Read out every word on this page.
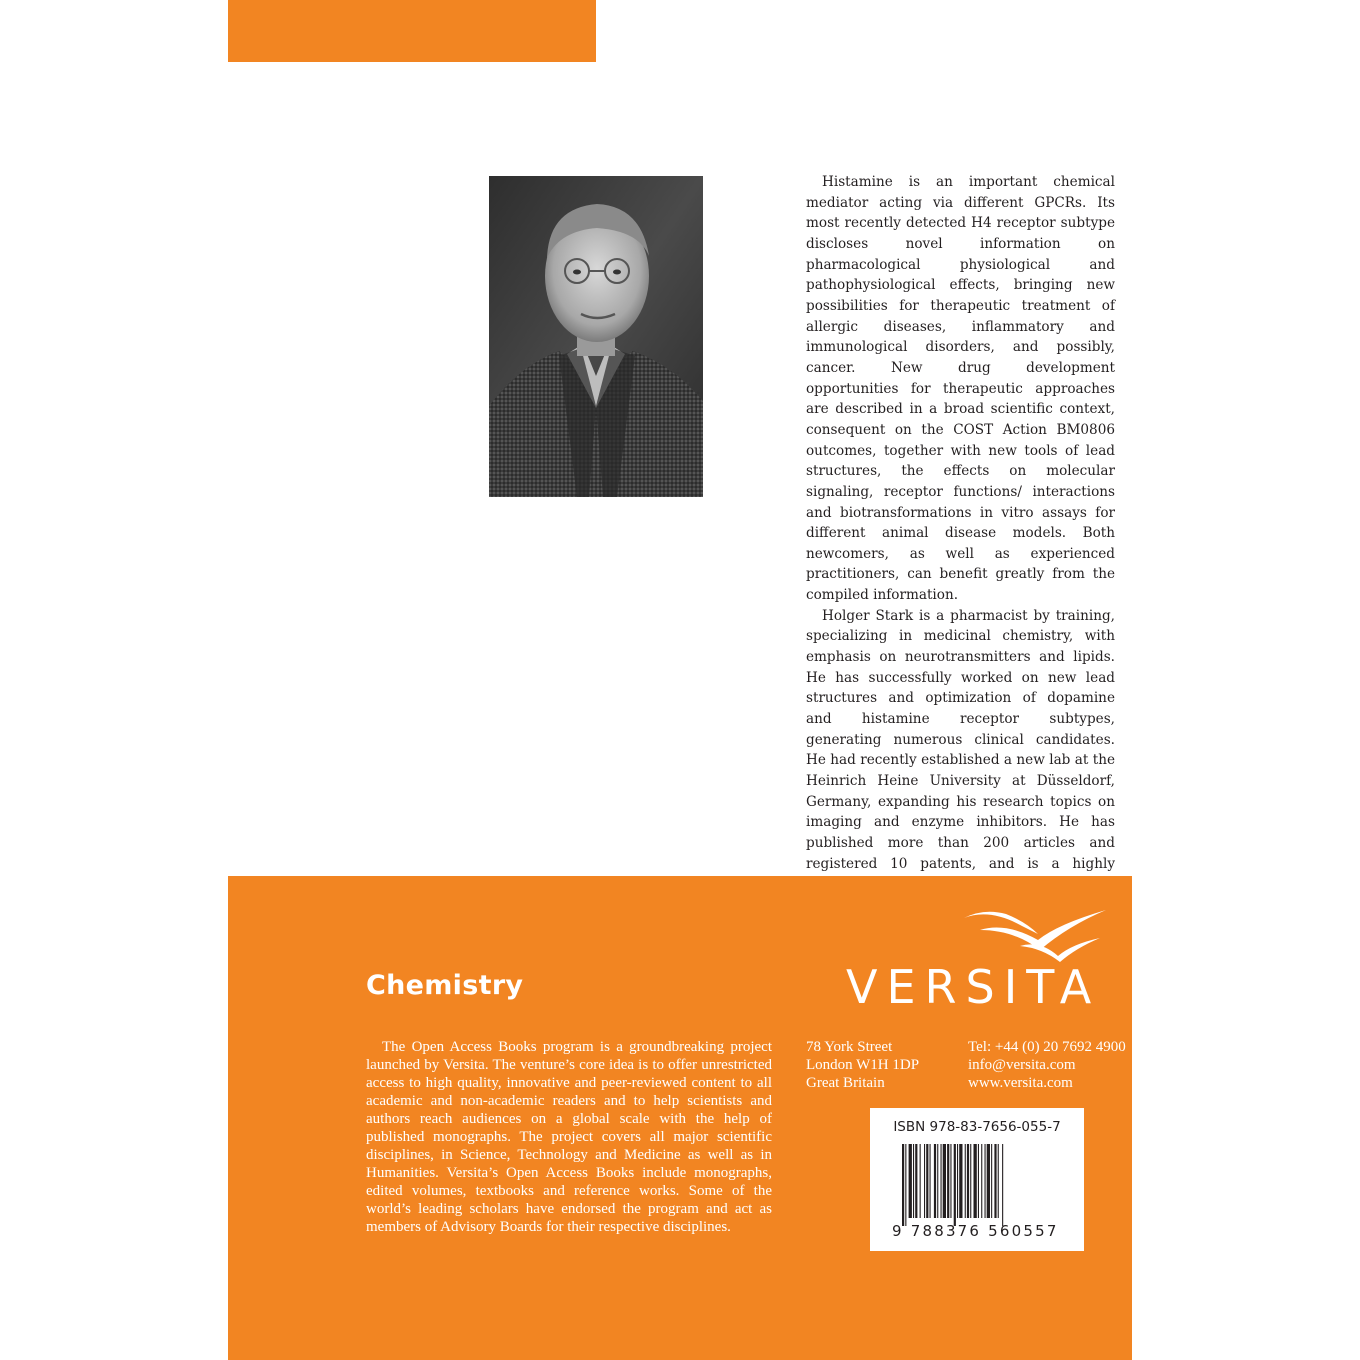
Histamine is an important chemical mediator acting via different GPCRs. Its most recently detected H4 receptor subtype discloses novel information on pharmacological physiological and pathophysiological effects, bringing new possibilities for therapeutic treatment of allergic diseases, inflammatory and immunological disorders, and possibly, cancer. New drug development opportunities for therapeutic approaches are described in a broad scientific context, consequent on the COST Action BM0806 outcomes, together with new tools of lead structures, the effects on molecular signaling, receptor functions/ interactions and biotransformations in vitro assays for different animal disease models. Both newcomers, as well as experienced practitioners, can benefit greatly from the compiled information.

Holger Stark is a pharmacist by training, specializing in medicinal chemistry, with emphasis on neurotransmitters and lipids. He has successfully worked on new lead structures and optimization of dopamine and histamine receptor subtypes, generating numerous clinical candidates. He had recently established a new lab at the Heinrich Heine University at Düsseldorf, Germany, expanding his research topics on imaging and enzyme inhibitors. He has published more than 200 articles and registered 10 patents, and is a highly

Chemistry

The Open Access Books program is a groundbreaking project launched by Versita. The venture’s core idea is to offer unrestricted access to high quality, innovative and peer-reviewed content to all academic and non-academic readers and to help scientists and authors reach audiences on a global scale with the help of published monographs. The project covers all major scientific disciplines, in Science, Technology and Medicine as well as in Humanities. Versita’s Open Access Books include monographs, edited volumes, textbooks and reference works. Some of the world’s leading scholars have endorsed the program and act as members of Advisory Boards for their respective disciplines.

VERSITA
78 York Street
London W1H 1DP
Great Britain
Tel: +44 (0) 20 7692 4900
info@versita.com
www.versita.com
ISBN 978-83-7656-055-7
9 788376 560557
